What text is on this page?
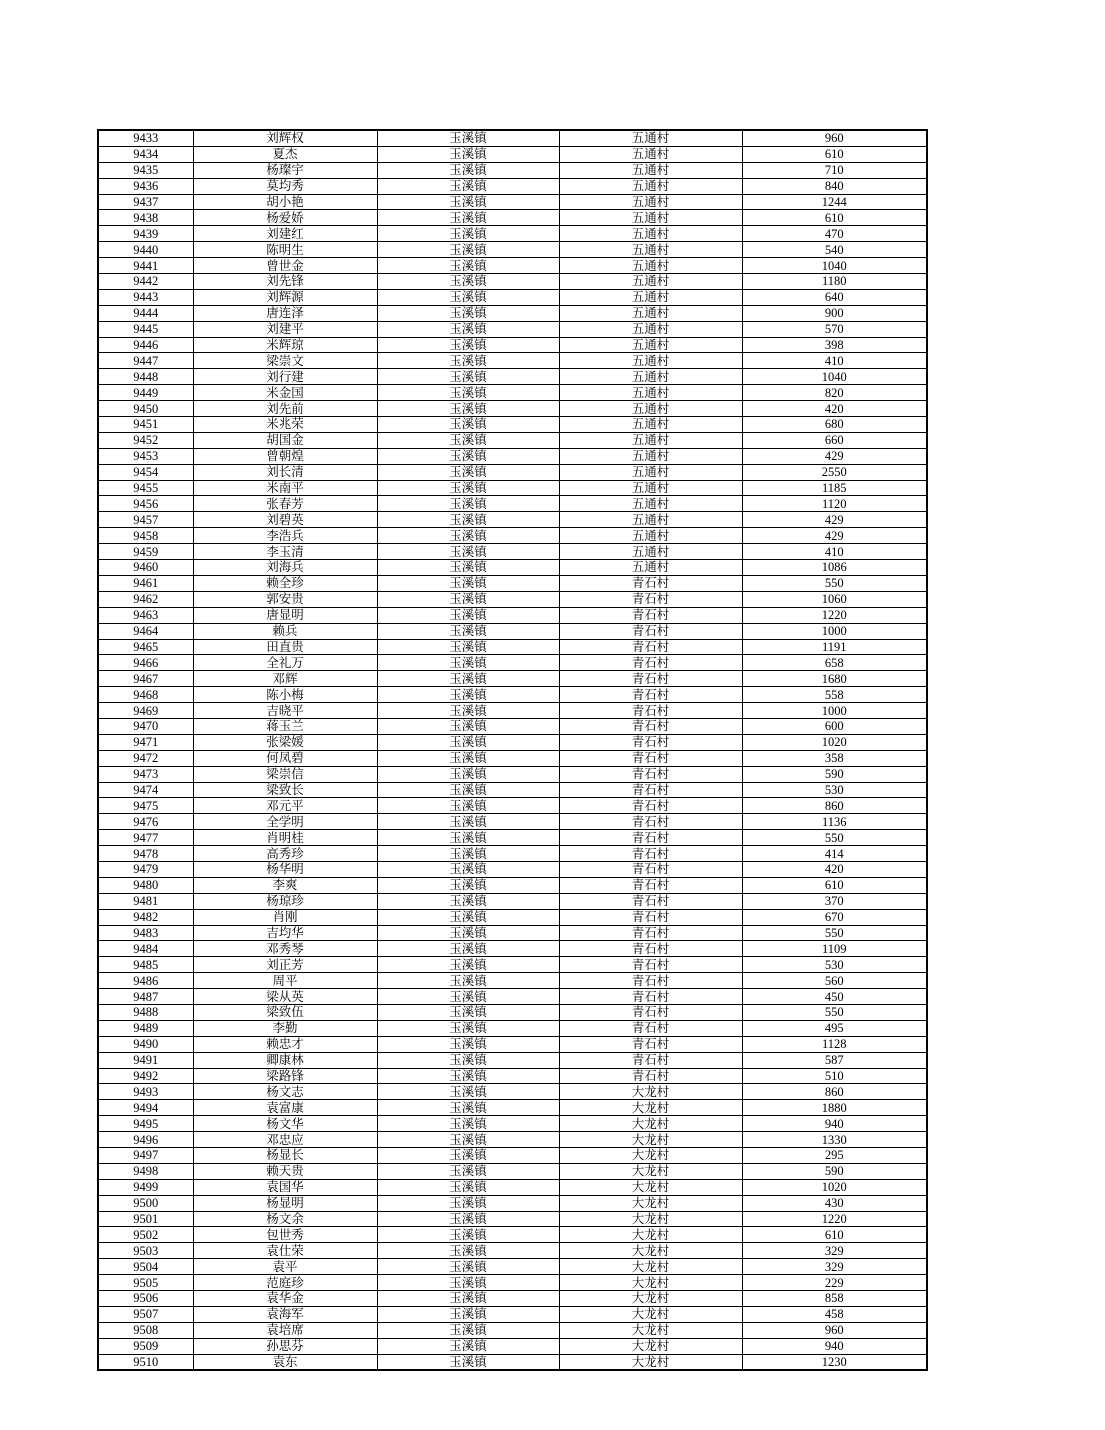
9433	刘辉权	玉溪镇	五通村	960
9434	夏杰	玉溪镇	五通村	610
9435	杨璨宇	玉溪镇	五通村	710
9436	莫均秀	玉溪镇	五通村	840
9437	胡小艳	玉溪镇	五通村	1244
9438	杨爱娇	玉溪镇	五通村	610
9439	刘建红	玉溪镇	五通村	470
9440	陈明生	玉溪镇	五通村	540
9441	曾世金	玉溪镇	五通村	1040
9442	刘先锋	玉溪镇	五通村	1180
9443	刘辉源	玉溪镇	五通村	640
9444	唐连泽	玉溪镇	五通村	900
9445	刘建平	玉溪镇	五通村	570
9446	米辉琼	玉溪镇	五通村	398
9447	梁崇文	玉溪镇	五通村	410
9448	刘行建	玉溪镇	五通村	1040
9449	米金国	玉溪镇	五通村	820
9450	刘先前	玉溪镇	五通村	420
9451	米兆荣	玉溪镇	五通村	680
9452	胡国金	玉溪镇	五通村	660
9453	曾朝煌	玉溪镇	五通村	429
9454	刘长清	玉溪镇	五通村	2550
9455	米南平	玉溪镇	五通村	1185
9456	张春芳	玉溪镇	五通村	1120
9457	刘碧英	玉溪镇	五通村	429
9458	李浩兵	玉溪镇	五通村	429
9459	李玉清	玉溪镇	五通村	410
9460	刘海兵	玉溪镇	五通村	1086
9461	赖全珍	玉溪镇	青石村	550
9462	郭安贵	玉溪镇	青石村	1060
9463	唐显明	玉溪镇	青石村	1220
9464	赖兵	玉溪镇	青石村	1000
9465	田直贵	玉溪镇	青石村	1191
9466	全礼万	玉溪镇	青石村	658
9467	邓辉	玉溪镇	青石村	1680
9468	陈小梅	玉溪镇	青石村	558
9469	吉晓平	玉溪镇	青石村	1000
9470	蒋玉兰	玉溪镇	青石村	600
9471	张梁媛	玉溪镇	青石村	1020
9472	何凤碧	玉溪镇	青石村	358
9473	梁崇信	玉溪镇	青石村	590
9474	梁致长	玉溪镇	青石村	530
9475	邓元平	玉溪镇	青石村	860
9476	全学明	玉溪镇	青石村	1136
9477	肖明桂	玉溪镇	青石村	550
9478	高秀珍	玉溪镇	青石村	414
9479	杨华明	玉溪镇	青石村	420
9480	李爽	玉溪镇	青石村	610
9481	杨琼珍	玉溪镇	青石村	370
9482	肖刚	玉溪镇	青石村	670
9483	吉均华	玉溪镇	青石村	550
9484	邓秀琴	玉溪镇	青石村	1109
9485	刘正芳	玉溪镇	青石村	530
9486	周平	玉溪镇	青石村	560
9487	梁从英	玉溪镇	青石村	450
9488	梁致伍	玉溪镇	青石村	550
9489	李勤	玉溪镇	青石村	495
9490	赖忠才	玉溪镇	青石村	1128
9491	卿康林	玉溪镇	青石村	587
9492	梁路锋	玉溪镇	青石村	510
9493	杨文志	玉溪镇	大龙村	860
9494	袁富康	玉溪镇	大龙村	1880
9495	杨文华	玉溪镇	大龙村	940
9496	邓忠应	玉溪镇	大龙村	1330
9497	杨显长	玉溪镇	大龙村	295
9498	赖天贵	玉溪镇	大龙村	590
9499	袁国华	玉溪镇	大龙村	1020
9500	杨显明	玉溪镇	大龙村	430
9501	杨文余	玉溪镇	大龙村	1220
9502	包世秀	玉溪镇	大龙村	610
9503	袁仕荣	玉溪镇	大龙村	329
9504	袁平	玉溪镇	大龙村	329
9505	范庭珍	玉溪镇	大龙村	229
9506	袁华金	玉溪镇	大龙村	858
9507	袁海军	玉溪镇	大龙村	458
9508	袁培席	玉溪镇	大龙村	960
9509	孙思芬	玉溪镇	大龙村	940
9510	袁东	玉溪镇	大龙村	1230
